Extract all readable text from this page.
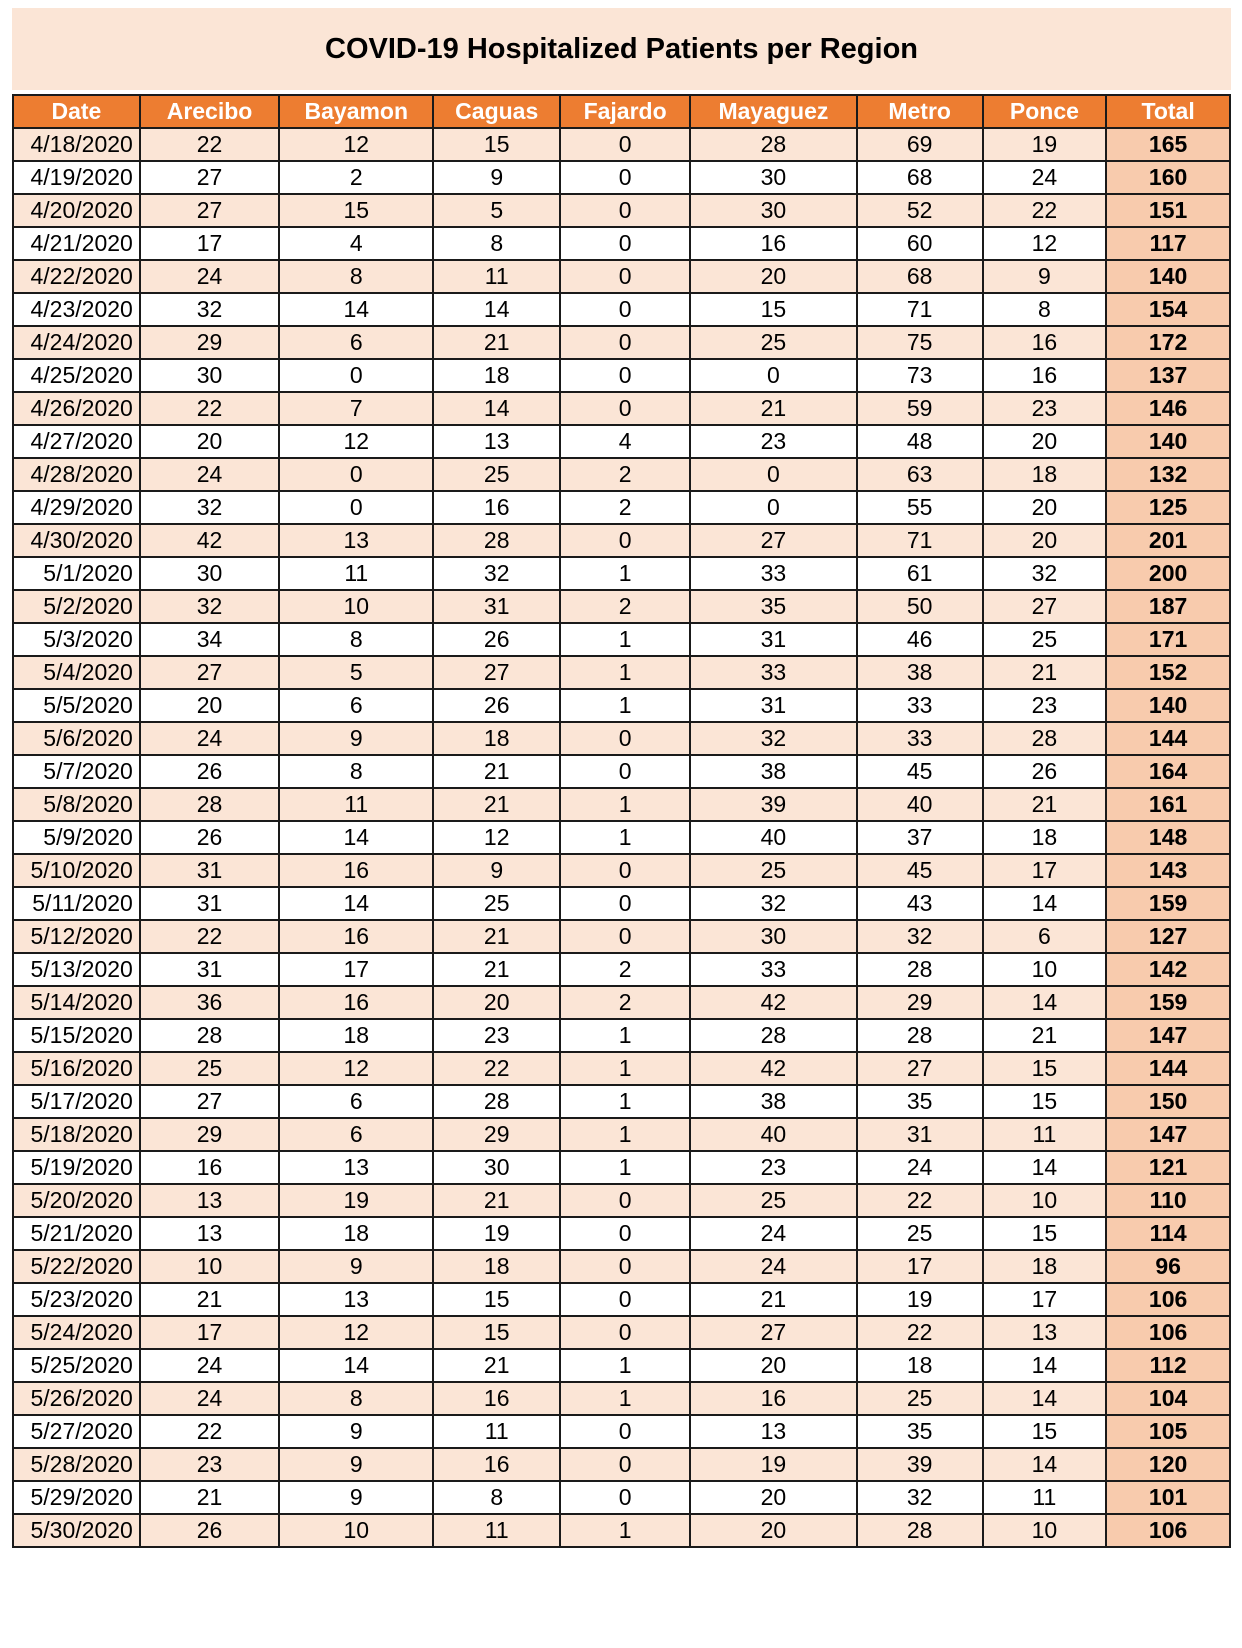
COVID-19 Hospitalized Patients per Region
Date	Arecibo	Bayamon	Caguas	Fajardo	Mayaguez	Metro	Ponce	Total
4/18/2020	22	12	15	0	28	69	19	165
4/19/2020	27	2	9	0	30	68	24	160
4/20/2020	27	15	5	0	30	52	22	151
4/21/2020	17	4	8	0	16	60	12	117
4/22/2020	24	8	11	0	20	68	9	140
4/23/2020	32	14	14	0	15	71	8	154
4/24/2020	29	6	21	0	25	75	16	172
4/25/2020	30	0	18	0	0	73	16	137
4/26/2020	22	7	14	0	21	59	23	146
4/27/2020	20	12	13	4	23	48	20	140
4/28/2020	24	0	25	2	0	63	18	132
4/29/2020	32	0	16	2	0	55	20	125
4/30/2020	42	13	28	0	27	71	20	201
5/1/2020	30	11	32	1	33	61	32	200
5/2/2020	32	10	31	2	35	50	27	187
5/3/2020	34	8	26	1	31	46	25	171
5/4/2020	27	5	27	1	33	38	21	152
5/5/2020	20	6	26	1	31	33	23	140
5/6/2020	24	9	18	0	32	33	28	144
5/7/2020	26	8	21	0	38	45	26	164
5/8/2020	28	11	21	1	39	40	21	161
5/9/2020	26	14	12	1	40	37	18	148
5/10/2020	31	16	9	0	25	45	17	143
5/11/2020	31	14	25	0	32	43	14	159
5/12/2020	22	16	21	0	30	32	6	127
5/13/2020	31	17	21	2	33	28	10	142
5/14/2020	36	16	20	2	42	29	14	159
5/15/2020	28	18	23	1	28	28	21	147
5/16/2020	25	12	22	1	42	27	15	144
5/17/2020	27	6	28	1	38	35	15	150
5/18/2020	29	6	29	1	40	31	11	147
5/19/2020	16	13	30	1	23	24	14	121
5/20/2020	13	19	21	0	25	22	10	110
5/21/2020	13	18	19	0	24	25	15	114
5/22/2020	10	9	18	0	24	17	18	96
5/23/2020	21	13	15	0	21	19	17	106
5/24/2020	17	12	15	0	27	22	13	106
5/25/2020	24	14	21	1	20	18	14	112
5/26/2020	24	8	16	1	16	25	14	104
5/27/2020	22	9	11	0	13	35	15	105
5/28/2020	23	9	16	0	19	39	14	120
5/29/2020	21	9	8	0	20	32	11	101
5/30/2020	26	10	11	1	20	28	10	106
